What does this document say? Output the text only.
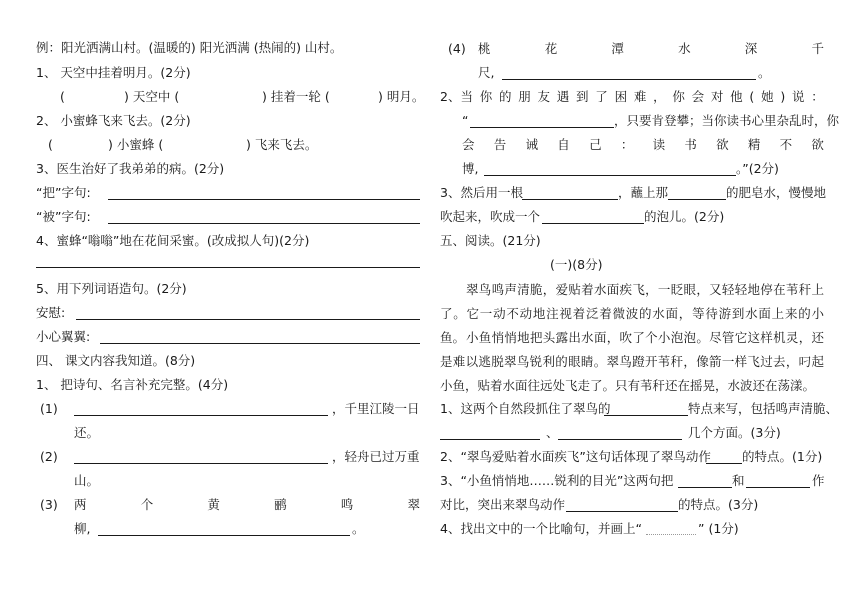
例：阳光洒满山村。(温暖的) 阳光洒满 (热闹的) 山村。
1、 天空中挂着明月。(2分)
(	) 天空中 (	) 挂着一轮 (	) 明月。
2、 小蜜蜂飞来飞去。(2分)
(	) 小蜜蜂 (	) 飞来飞去。
3、医生治好了我弟弟的病。(2分)
“把”字句:
“被”字句:
4、蜜蜂“嗡嗡”地在花间采蜜。(改成拟人句)(2分)
5、用下列词语造句。(2分)
安慰:
小心翼翼:
四、 课文内容我知道。(8分)
1、 把诗句、名言补充完整。(4分)
(1)	，千里江陵一日
还。
(2)	，轻舟已过万重
山。
(3) 两	个	黄	鹂	鸣	翠
柳,	。
(4) 桃	花	潭	水	深	千
尺,	。
2、当 你 的 朋 友 遇 到 了 困 难 ， 你 会 对 他 ( 她 ) 说 ：
“	，只要肯登攀；当你读书心里杂乱时，你
会 告 诫 自 己 ： 读 书 欲 精 不 欲
博,	。”(2分)
3、然后用一根	，蘸上那	的肥皂水，慢慢地
吹起来，吹成一个	的泡儿。(2分)
五、阅读。(21分)
(一)(8分)
翠鸟鸣声清脆，爱贴着水面疾飞，一眨眼，又轻轻地停在苇秆上了。它一动不动地注视着泛着微波的水面，等待游到水面上来的小鱼。 小鱼悄悄地把头露出水面，吹了个小泡泡。尽管它这样机灵，还是难以逃脱翠鸟锐利的眼睛。翠鸟蹬开苇秆，像箭一样飞过去，叼起小鱼，贴着水面往远处飞走了。只有苇秆还在摇晃，水波还在荡漾。
1、这两个自然段抓住了翠鸟的	特点来写，包括鸣声清脆、
、	几个方面。(3分)
2、“翠鸟爱贴着水面疾飞”这句话体现了翠鸟动作 的特点。(1分)
3、“小鱼悄悄地……锐利的目光”这两句把	和	作
对比，突出来翠鸟动作	的特点。(3分)
4、找出文中的一个比喻句，并画上“	” (1分)
